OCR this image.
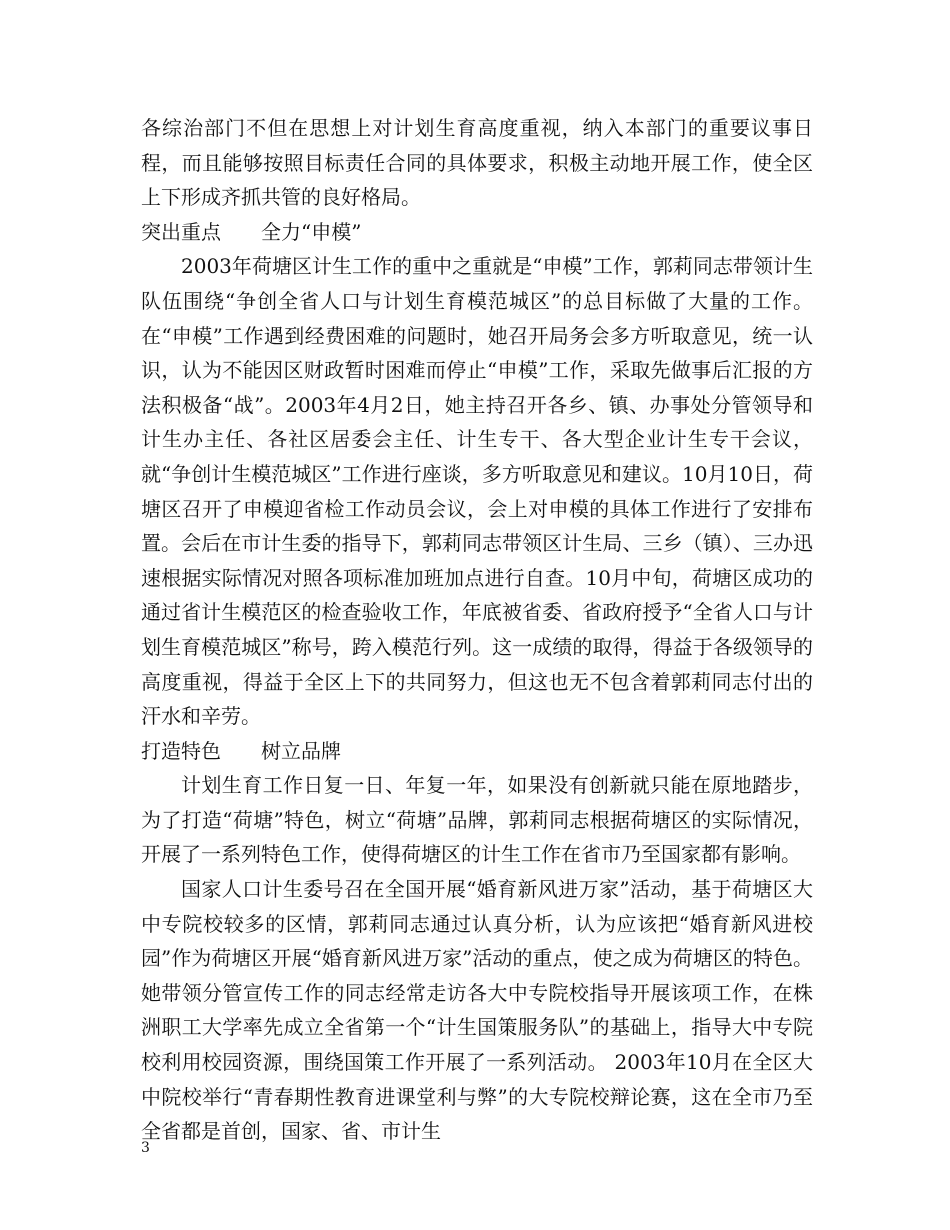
各综治部门不但在思想上对计划生育高度重视，纳入本部门的重要议事日程，而且能够按照目标责任合同的具体要求，积极主动地开展工作，使全区上下形成齐抓共管的良好格局。

突出重点　　全力“申模”

2003年荷塘区计生工作的重中之重就是“申模”工作，郭莉同志带领计生队伍围绕“争创全省人口与计划生育模范城区”的总目标做了大量的工作。在“申模”工作遇到经费困难的问题时，她召开局务会多方听取意见，统一认识，认为不能因区财政暂时困难而停止“申模”工作，采取先做事后汇报的方法积极备“战”。2003年4月2日，她主持召开各乡、镇、办事处分管领导和计生办主任、各社区居委会主任、计生专干、各大型企业计生专干会议，就“争创计生模范城区”工作进行座谈，多方听取意见和建议。10月10日，荷塘区召开了申模迎省检工作动员会议，会上对申模的具体工作进行了安排布置。会后在市计生委的指导下，郭莉同志带领区计生局、三乡（镇）、三办迅速根据实际情况对照各项标准加班加点进行自查。10月中旬，荷塘区成功的通过省计生模范区的检查验收工作，年底被省委、省政府授予“全省人口与计划生育模范城区”称号，跨入模范行列。这一成绩的取得，得益于各级领导的高度重视，得益于全区上下的共同努力，但这也无不包含着郭莉同志付出的汗水和辛劳。

打造特色　　树立品牌

计划生育工作日复一日、年复一年，如果没有创新就只能在原地踏步，为了打造“荷塘”特色，树立“荷塘”品牌，郭莉同志根据荷塘区的实际情况，开展了一系列特色工作，使得荷塘区的计生工作在省市乃至国家都有影响。

国家人口计生委号召在全国开展“婚育新风进万家”活动，基于荷塘区大中专院校较多的区情，郭莉同志通过认真分析，认为应该把“婚育新风进校园”作为荷塘区开展“婚育新风进万家”活动的重点，使之成为荷塘区的特色。她带领分管宣传工作的同志经常走访各大中专院校指导开展该项工作，在株洲职工大学率先成立全省第一个“计生国策服务队”的基础上，指导大中专院校利用校园资源，围绕国策工作开展了一系列活动。 2003年10月在全区大中院校举行“青春期性教育进课堂利与弊”的大专院校辩论赛，这在全市乃至全省都是首创，国家、省、市计生

3
